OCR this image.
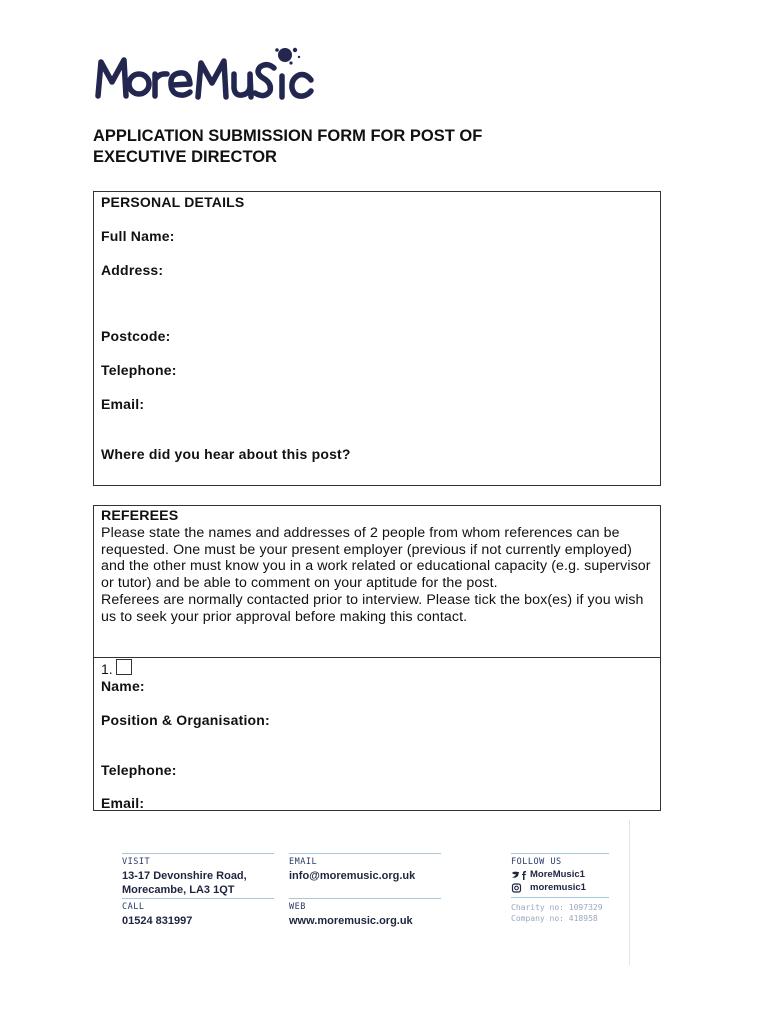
APPLICATION SUBMISSION FORM FOR POST OF
EXECUTIVE DIRECTOR
PERSONAL DETAILS
Full Name:
Address:
Postcode:
Telephone:
Email:
Where did you hear about this post?
REFEREES

Please state the names and addresses of 2 people from whom references can be requested. One must be your present employer (previous if not currently employed) and the other must know you in a work related or educational capacity (e.g. supervisor or tutor) and be able to comment on your aptitude for the post.

Referees are normally contacted prior to interview. Please tick the box(es) if you wish us to seek your prior approval before making this contact.

1.
Name:
Position & Organisation:
Telephone:
Email:
VISIT
13-17 Devonshire Road,
Morecambe, LA3 1QT
CALL
01524 831997
EMAIL
info@moremusic.org.uk
WEB
www.moremusic.org.uk
FOLLOW US
MoreMusic1
moremusic1
Charity no: 1097329
Company no: 418958
